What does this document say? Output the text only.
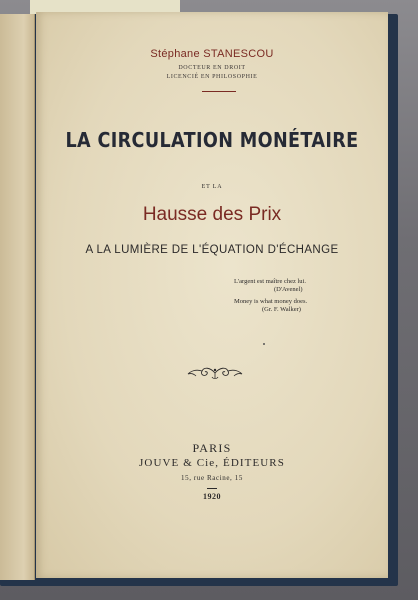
Stéphane STANESCOU
DOCTEUR EN DROIT
LICENCIÉ EN PHILOSOPHIE
LA CIRCULATION MONÉTAIRE
ET LA
Hausse des Prix
A LA LUMIÈRE DE L'ÉQUATION D'ÉCHANGE
L'argent est maître chez lui.
(D'Avenel)
Money is what money does.
(Gr. F. Walker)
PARIS
JOUVE & Cie, ÉDITEURS
15, rue Racine, 15
1920
